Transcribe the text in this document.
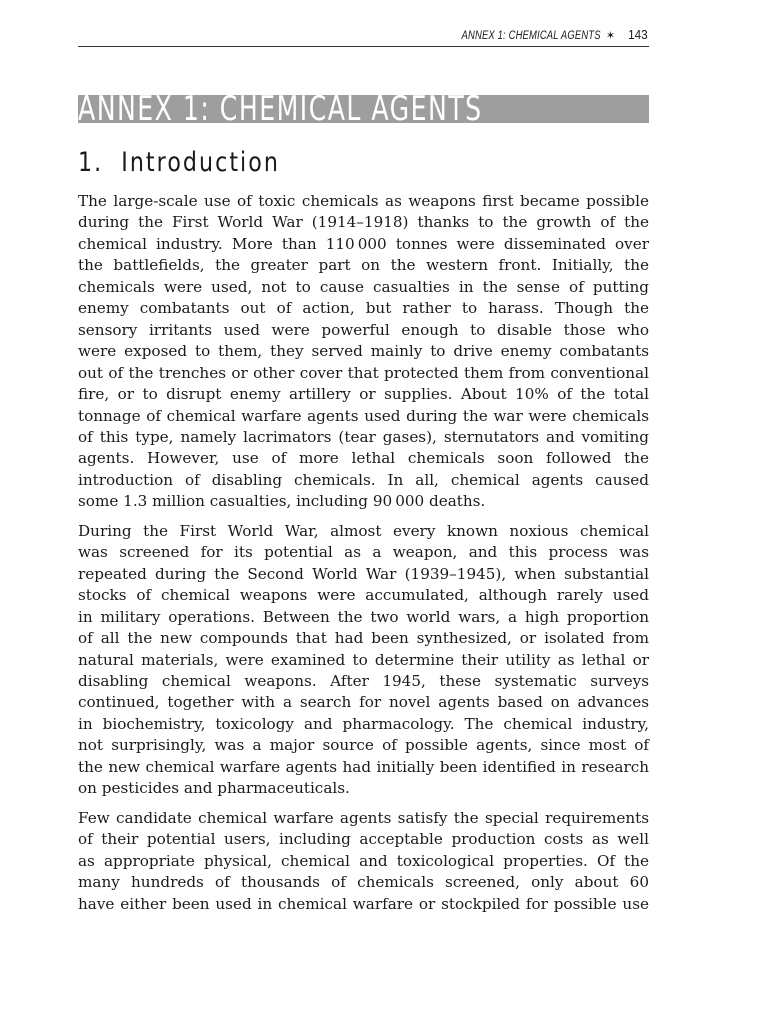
ANNEX 1: CHEMICAL AGENTS ✶ 143
ANNEX 1: CHEMICAL AGENTS
1. Introduction

The large-scale use of toxic chemicals as weapons first became possible
during the First World War (1914–1918) thanks to the growth of the
chemical industry. More than 110 000 tonnes were disseminated over
the battlefields, the greater part on the western front. Initially, the
chemicals were used, not to cause casualties in the sense of putting
enemy combatants out of action, but rather to harass. Though the
sensory irritants used were powerful enough to disable those who
were exposed to them, they served mainly to drive enemy combatants
out of the trenches or other cover that protected them from conventional
fire, or to disrupt enemy artillery or supplies. About 10% of the total
tonnage of chemical warfare agents used during the war were chemicals
of this type, namely lacrimators (tear gases), sternutators and vomiting
agents. However, use of more lethal chemicals soon followed the
introduction of disabling chemicals. In all, chemical agents caused
some 1.3 million casualties, including 90 000 deaths.

During the First World War, almost every known noxious chemical
was screened for its potential as a weapon, and this process was
repeated during the Second World War (1939–1945), when substantial
stocks of chemical weapons were accumulated, although rarely used
in military operations. Between the two world wars, a high proportion
of all the new compounds that had been synthesized, or isolated from
natural materials, were examined to determine their utility as lethal or
disabling chemical weapons. After 1945, these systematic surveys
continued, together with a search for novel agents based on advances
in biochemistry, toxicology and pharmacology. The chemical industry,
not surprisingly, was a major source of possible agents, since most of
the new chemical warfare agents had initially been identified in research
on pesticides and pharmaceuticals.

Few candidate chemical warfare agents satisfy the special requirements
of their potential users, including acceptable production costs as well
as appropriate physical, chemical and toxicological properties. Of the
many hundreds of thousands of chemicals screened, only about 60
have either been used in chemical warfare or stockpiled for possible use
